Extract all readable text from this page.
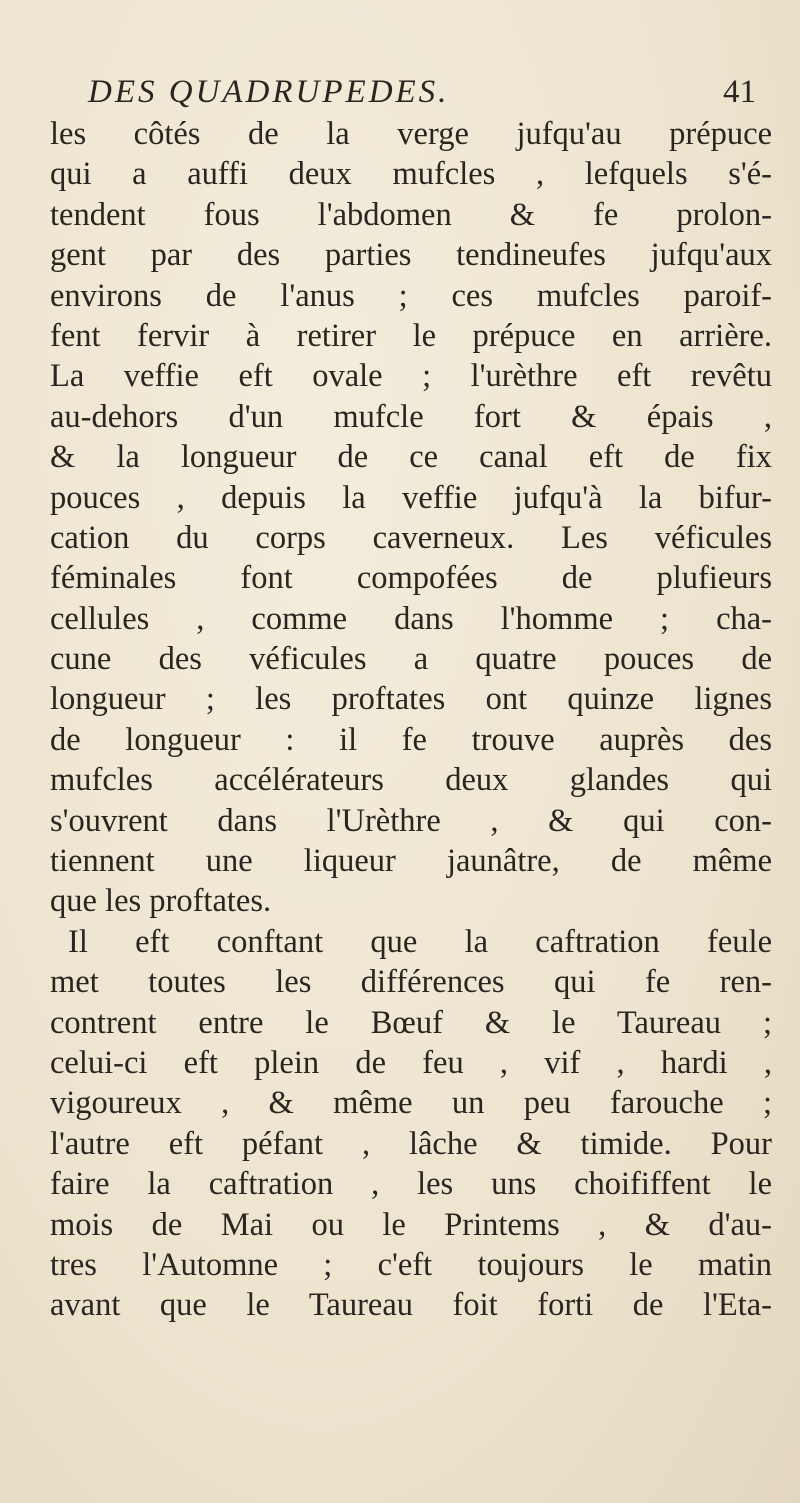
DES QUADRUPEDES.	41
les côtés de la verge jufqu'au prépuce
qui a auffi deux mufcles , lefquels s'é-
tendent fous l'abdomen & fe prolon-
gent par des parties tendineufes jufqu'aux
environs de l'anus ; ces mufcles paroif-
fent fervir à retirer le prépuce en arrière.
La veffie eft ovale ; l'urèthre eft revêtu
au-dehors d'un mufcle fort & épais ,
& la longueur de ce canal eft de fix
pouces , depuis la veffie jufqu'à la bifur-
cation du corps caverneux. Les véficules
féminales font compofées de plufieurs
cellules , comme dans l'homme ; cha-
cune des véficules a quatre pouces de
longueur ; les proftates ont quinze lignes
de longueur : il fe trouve auprès des
mufcles accélérateurs deux glandes qui
s'ouvrent dans l'Urèthre , & qui con-
tiennent une liqueur jaunâtre, de même
que les proftates.
Il eft conftant que la caftration feule
met toutes les différences qui fe ren-
contrent entre le Bœuf & le Taureau ;
celui-ci eft plein de feu , vif , hardi ,
vigoureux , & même un peu farouche ;
l'autre eft péfant , lâche & timide. Pour
faire la caftration , les uns choififfent le
mois de Mai ou le Printems , & d'au-
tres l'Automne ; c'eft toujours le matin
avant que le Taureau foit forti de l'Eta-
